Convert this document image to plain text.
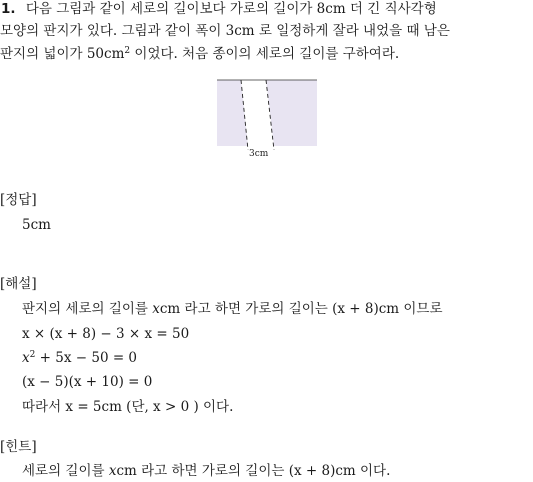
1. 다음 그림과 같이 세로의 길이보다 가로의 길이가 8cm 더 긴 직사각형
모양의 판지가 있다. 그림과 같이 폭이 3cm 로 일정하게 잘라 내었을 때 남은
판지의 넓이가 $50cm^2$ 이었다. 처음 종이의 세로의 길이를 구하여라.
3cm
[정답]
5cm
[해설]
판지의 세로의 길이를 xcm 라고 하면 가로의 길이는 (x + 8)cm 이므로
x × (x + 8) − 3 × x = 50
$x^2 + 5x - 50 = 0$
(x − 5)(x + 10) = 0
따라서 x = 5cm (단, x > 0 ) 이다.
[힌트]
세로의 길이를 xcm 라고 하면 가로의 길이는 (x + 8)cm 이다.
